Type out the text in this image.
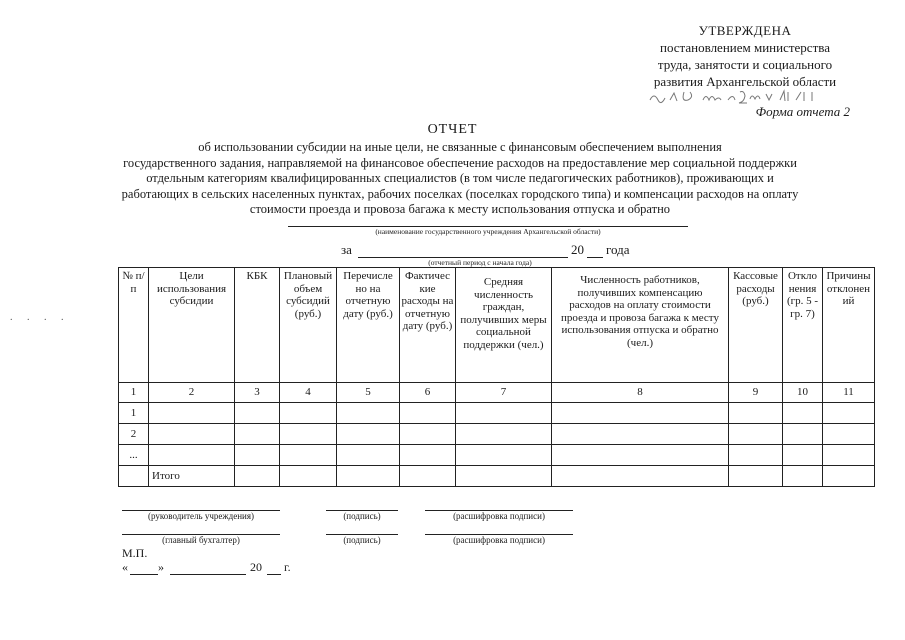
УТВЕРЖДЕНА
постановлением министерства
труда, занятости и социального
развития Архангельской области
Форма отчета 2
ОТЧЕТ
об использовании субсидии на иные цели, не связанные с финансовым обеспечением выполнения
государственного задания, направляемой на финансовое обеспечение расходов на предоставление мер социальной поддержки
отдельным категориям квалифицированных специалистов (в том числе педагогических работников), проживающих и
работающих в сельских населенных пунктах, рабочих поселках (поселках городского типа) и компенсации расходов на оплату
стоимости проезда и провоза багажа к месту использования отпуска и обратно
(наименование государственного учреждения Архангельской области)
за	20 года
(отчетный период с начала года)
№ п/п	Цели использования субсидии	КБК	Плановый объем субсидий (руб.)	Перечисле но на отчетную дату (руб.)	Фактичес кие расходы на отчетную дату (руб.)	Средняя численность граждан, получивших меры социальной поддержки (чел.)	Численность работников, получивших компенсацию расходов на оплату стоимости проезда и провоза багажа к месту использования отпуска и обратно (чел.)	Кассовые расходы (руб.)	Откло нения (гр. 5 - гр. 7)	Причины отклонен ий
1	2	3	4	5	6	7	8	9	10	11
1										
2										
...										
	Итого									
(руководитель учреждения)	(подпись)	(расшифровка подписи)
(главный бухгалтер)	(подпись)	(расшифровка подписи)
М.П.
«	»	20 г.
. . . .
